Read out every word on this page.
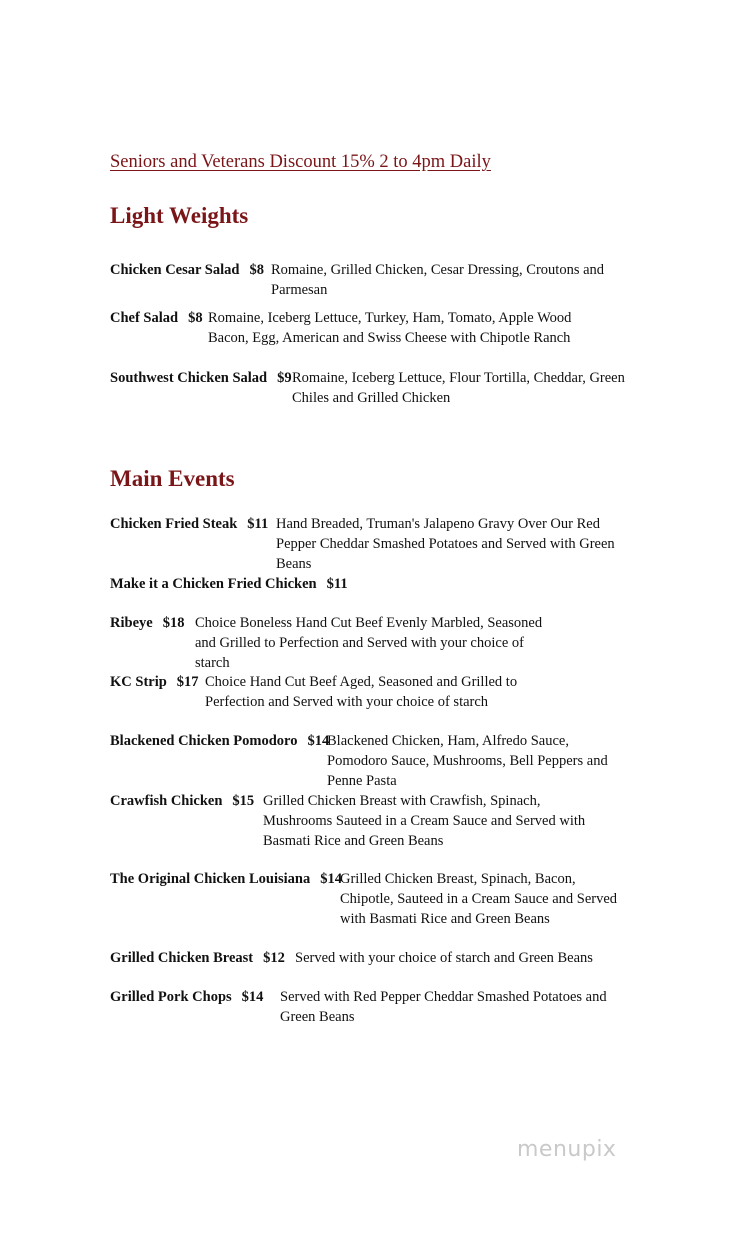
Seniors and Veterans Discount 15% 2 to 4pm Daily
Light Weights
Chicken Cesar Salad $8 Romaine, Grilled Chicken, Cesar Dressing, Croutons and Parmesan
Chef Salad $8 Romaine, Iceberg Lettuce, Turkey, Ham, Tomato, Apple Wood Bacon, Egg, American and Swiss Cheese with Chipotle Ranch
Southwest Chicken Salad $9 Romaine, Iceberg Lettuce, Flour Tortilla, Cheddar, Green Chiles and Grilled Chicken
Main Events
Chicken Fried Steak $11 Hand Breaded, Truman's Jalapeno Gravy Over Our Red Pepper Cheddar Smashed Potatoes and Served with Green Beans
Make it a Chicken Fried Chicken $11
Ribeye $18 Choice Boneless Hand Cut Beef Evenly Marbled, Seasoned and Grilled to Perfection and Served with your choice of starch
KC Strip $17 Choice Hand Cut Beef Aged, Seasoned and Grilled to Perfection and Served with your choice of starch
Blackened Chicken Pomodoro $14
Blackened Chicken, Ham, Alfredo Sauce, Pomodoro Sauce, Mushrooms, Bell Peppers and Penne Pasta
Crawfish Chicken $15 Grilled Chicken Breast with Crawfish, Spinach, Mushrooms Sauteed in a Cream Sauce and Served with Basmati Rice and Green Beans
The Original Chicken Louisiana $14
Grilled Chicken Breast, Spinach, Bacon, Chipotle, Sauteed in a Cream Sauce and Served with Basmati Rice and Green Beans
Grilled Chicken Breast $12 Served with your choice of starch and Green Beans
Grilled Pork Chops $14	Served with Red Pepper Cheddar Smashed Potatoes and Green Beans
menupix
